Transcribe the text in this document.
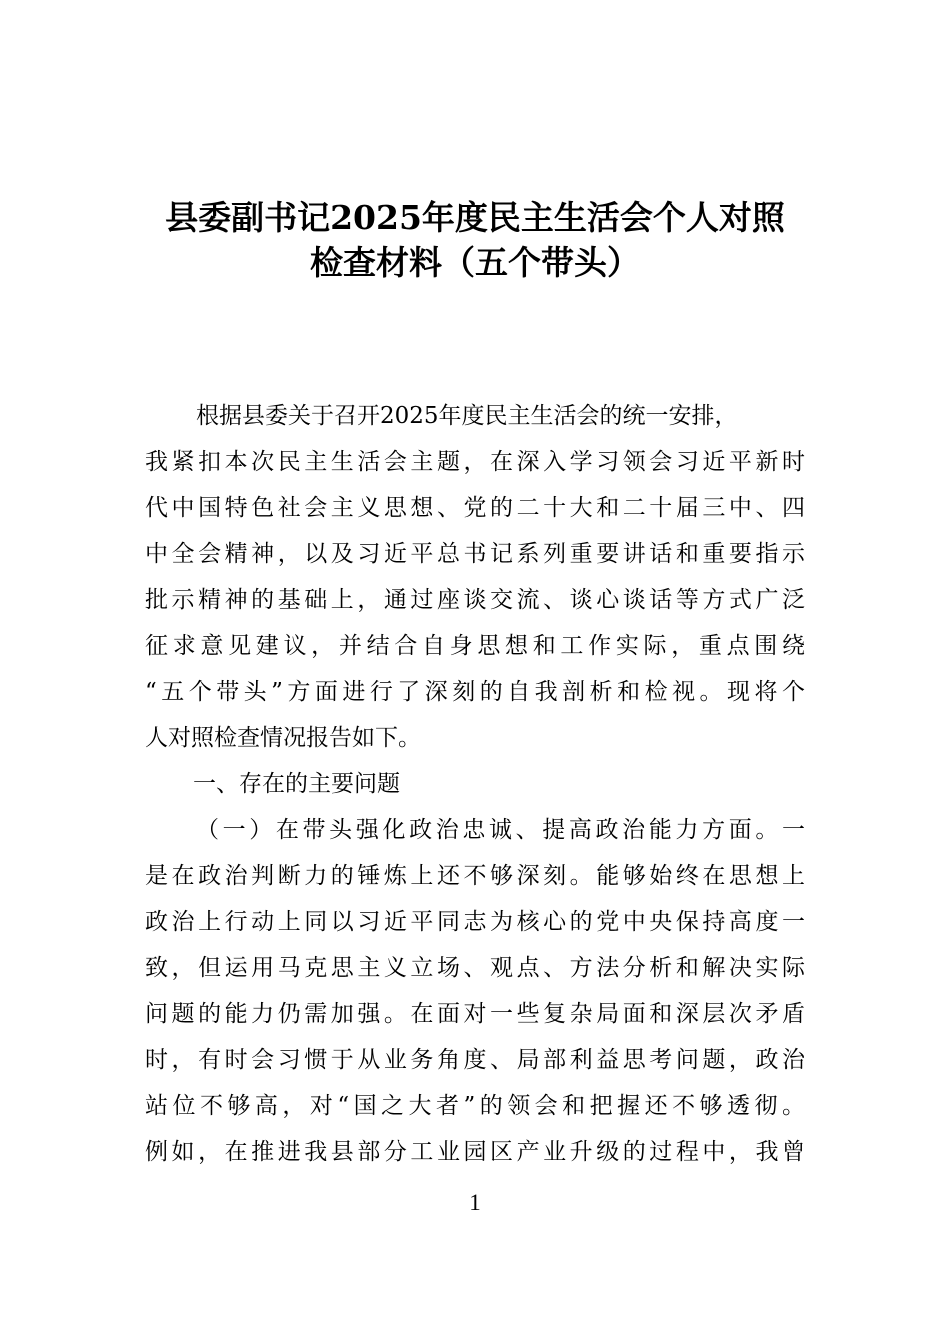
县委副书记2025年度民主生活会个人对照
检查材料（五个带头）
根据县委关于召开2025年度民主生活会的统一安排，
我紧扣本次民主生活会主题，在深入学习领会习近平新时
代中国特色社会主义思想、党的二十大和二十届三中、四
中全会精神，以及习近平总书记系列重要讲话和重要指示
批示精神的基础上，通过座谈交流、谈心谈话等方式广泛
征求意见建议，并结合自身思想和工作实际，重点围绕
“五个带头”方面进行了深刻的自我剖析和检视。现将个
人对照检查情况报告如下。
一、存在的主要问题
（一）在带头强化政治忠诚、提高政治能力方面。一
是在政治判断力的锤炼上还不够深刻。能够始终在思想上
政治上行动上同以习近平同志为核心的党中央保持高度一
致，但运用马克思主义立场、观点、方法分析和解决实际
问题的能力仍需加强。在面对一些复杂局面和深层次矛盾
时，有时会习惯于从业务角度、局部利益思考问题，政治
站位不够高，对“国之大者”的领会和把握还不够透彻。
例如，在推进我县部分工业园区产业升级的过程中，我曾
1
